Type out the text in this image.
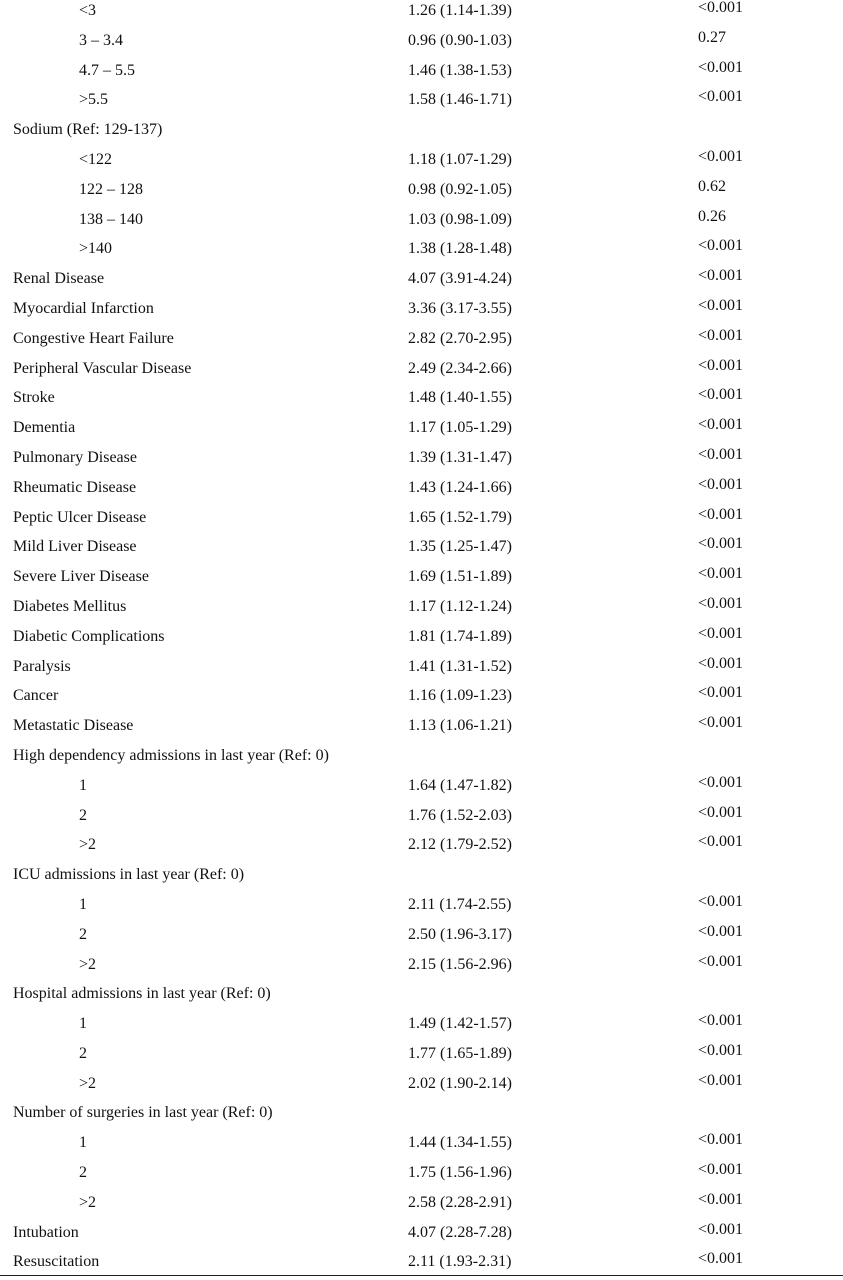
<3	1.26 (1.14-1.39)	<0.001
3 – 3.4	0.96 (0.90-1.03)	0.27
4.7 – 5.5	1.46 (1.38-1.53)	<0.001
>5.5	1.58 (1.46-1.71)	<0.001
Sodium (Ref: 129-137)
<122	1.18 (1.07-1.29)	<0.001
122 – 128	0.98 (0.92-1.05)	0.62
138 – 140	1.03 (0.98-1.09)	0.26
>140	1.38 (1.28-1.48)	<0.001
Renal Disease	4.07 (3.91-4.24)	<0.001
Myocardial Infarction	3.36 (3.17-3.55)	<0.001
Congestive Heart Failure	2.82 (2.70-2.95)	<0.001
Peripheral Vascular Disease	2.49 (2.34-2.66)	<0.001
Stroke	1.48 (1.40-1.55)	<0.001
Dementia	1.17 (1.05-1.29)	<0.001
Pulmonary Disease	1.39 (1.31-1.47)	<0.001
Rheumatic Disease	1.43 (1.24-1.66)	<0.001
Peptic Ulcer Disease	1.65 (1.52-1.79)	<0.001
Mild Liver Disease	1.35 (1.25-1.47)	<0.001
Severe Liver Disease	1.69 (1.51-1.89)	<0.001
Diabetes Mellitus	1.17 (1.12-1.24)	<0.001
Diabetic Complications	1.81 (1.74-1.89)	<0.001
Paralysis	1.41 (1.31-1.52)	<0.001
Cancer	1.16 (1.09-1.23)	<0.001
Metastatic Disease	1.13 (1.06-1.21)	<0.001
High dependency admissions in last year (Ref: 0)
1	1.64 (1.47-1.82)	<0.001
2	1.76 (1.52-2.03)	<0.001
>2	2.12 (1.79-2.52)	<0.001
ICU admissions in last year (Ref: 0)
1	2.11 (1.74-2.55)	<0.001
2	2.50 (1.96-3.17)	<0.001
>2	2.15 (1.56-2.96)	<0.001
Hospital admissions in last year (Ref: 0)
1	1.49 (1.42-1.57)	<0.001
2	1.77 (1.65-1.89)	<0.001
>2	2.02 (1.90-2.14)	<0.001
Number of surgeries in last year (Ref: 0)
1	1.44 (1.34-1.55)	<0.001
2	1.75 (1.56-1.96)	<0.001
>2	2.58 (2.28-2.91)	<0.001
Intubation	4.07 (2.28-7.28)	<0.001
Resuscitation	2.11 (1.93-2.31)	<0.001
